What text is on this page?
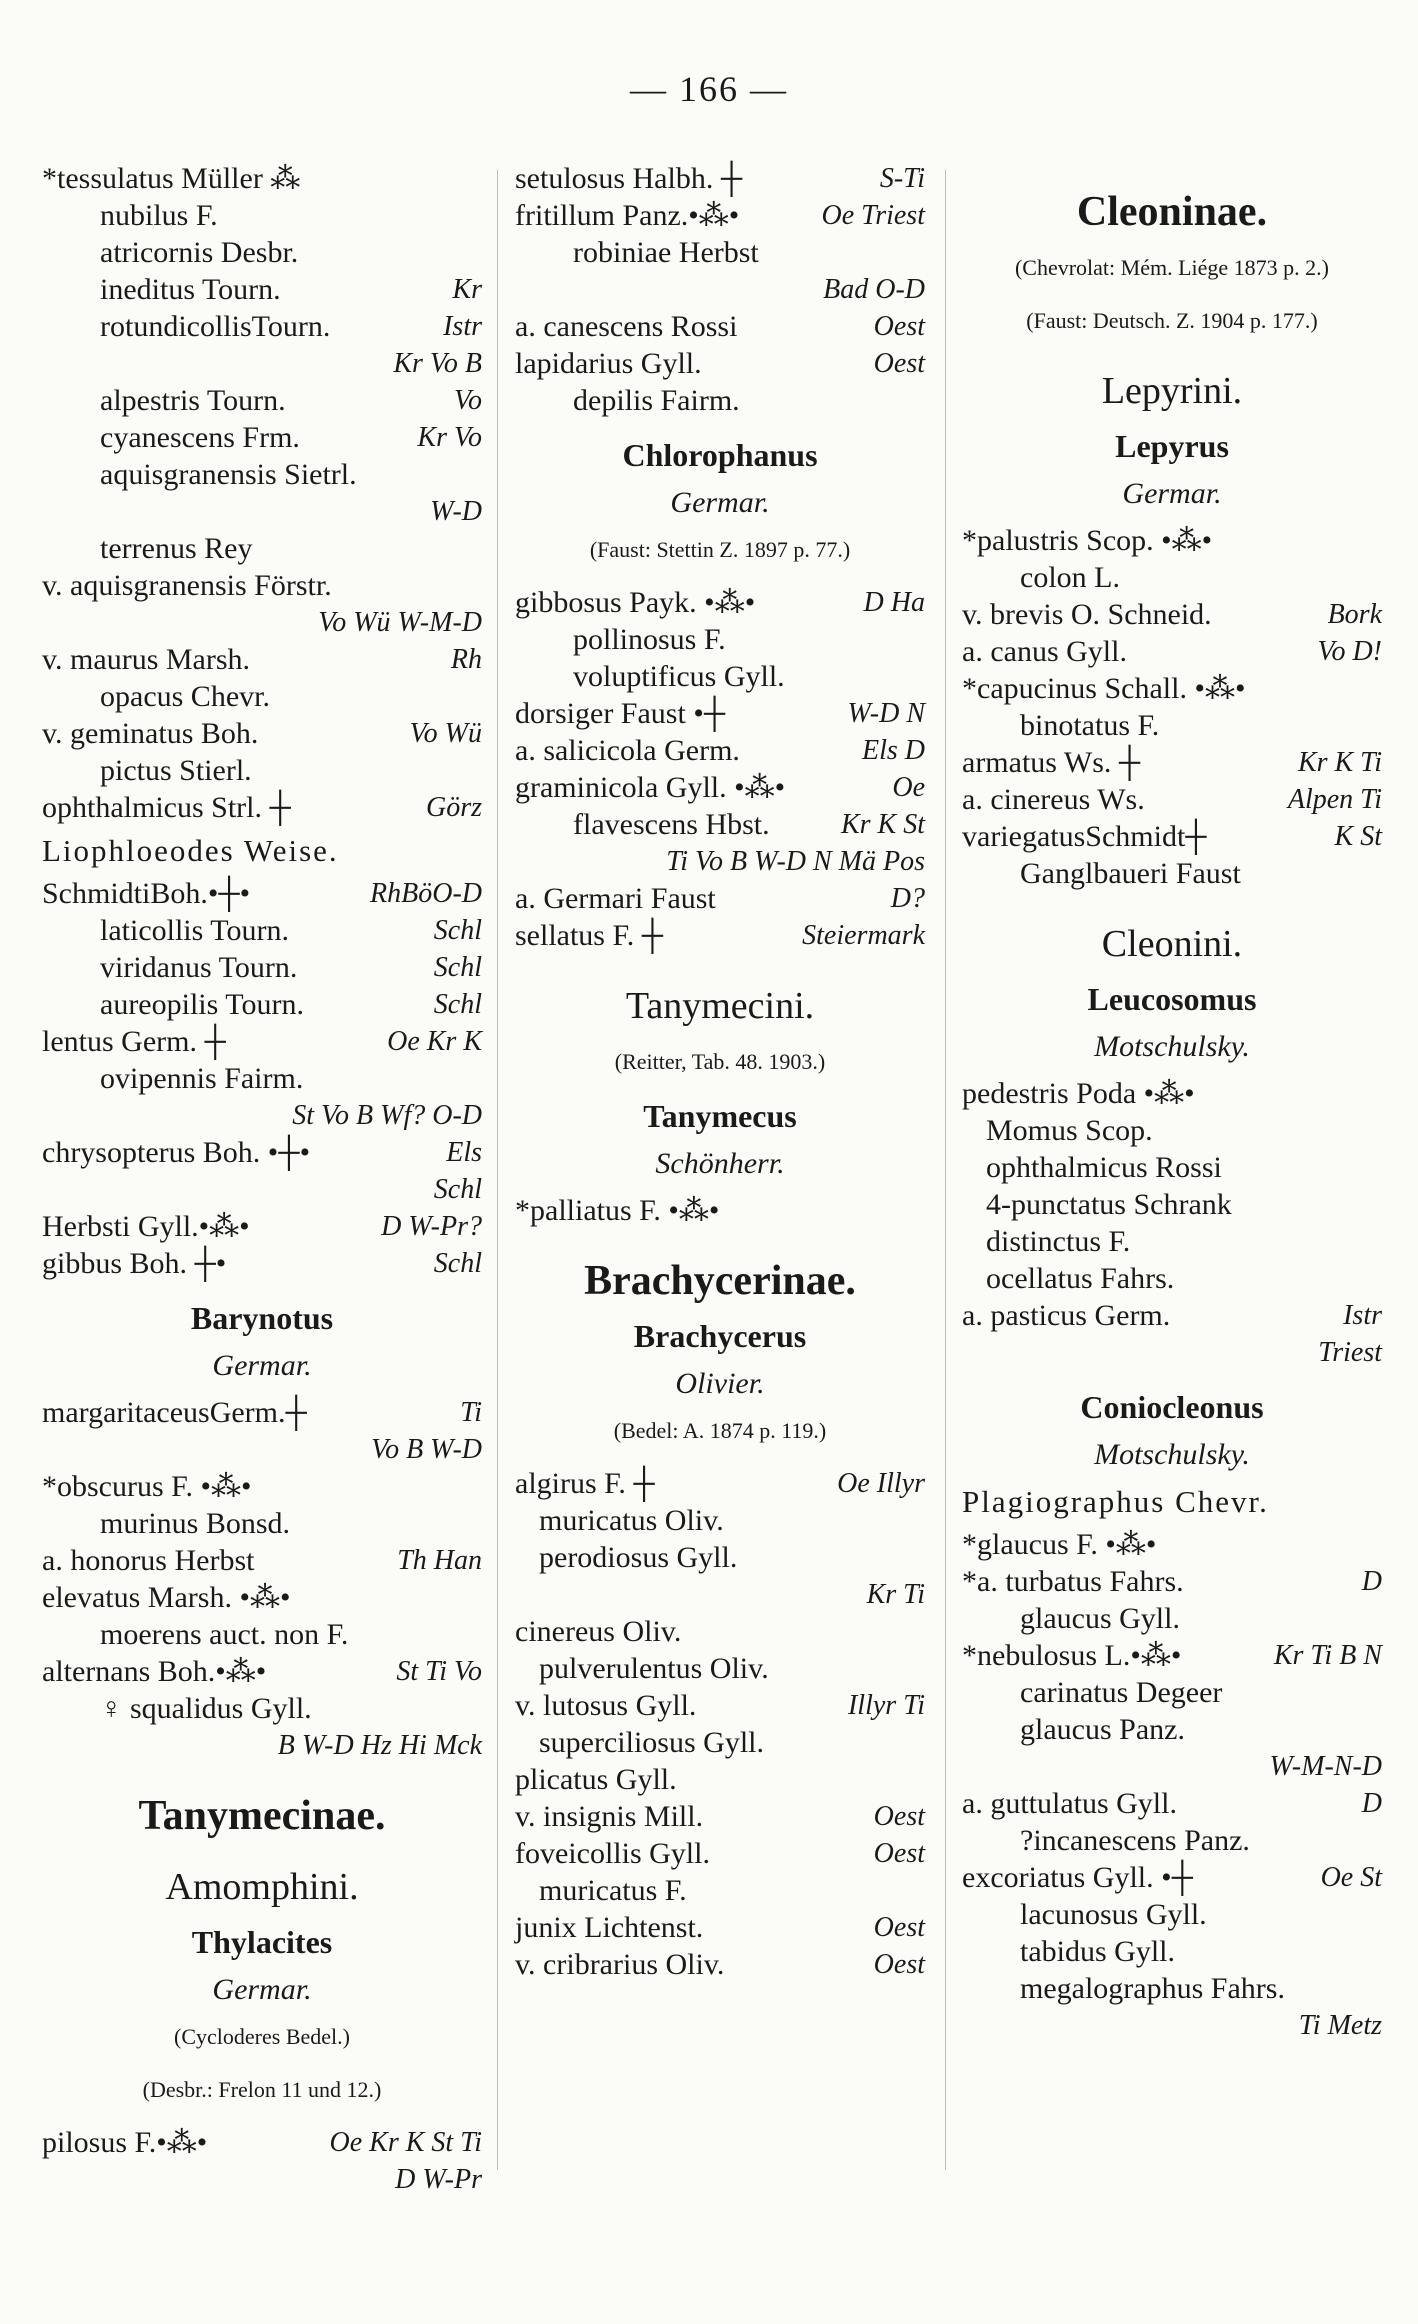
— 166 —
*tessulatus Müller ⁂
nubilus F.
atricornis Desbr.
ineditus Tourn.	Kr
rotundicollisTourn.	Istr
Kr Vo B
alpestris Tourn.	Vo
cyanescens Frm.	Kr Vo
aquisgranensis Sietrl.
W-D
terrenus Rey
v. aquisgranensis Förstr.
Vo Wü W-M-D
v. maurus Marsh.	Rh
opacus Chevr.
v. geminatus Boh.	Vo Wü
pictus Stierl.
ophthalmicus Strl. ┼	Görz
Liophloeodes Weise.
SchmidtiBoh.•┼•	RhBöO-D
laticollis Tourn.	Schl
viridanus Tourn.	Schl
aureopilis Tourn.	Schl
lentus Germ. ┼	Oe Kr K
ovipennis Fairm.
St Vo B Wf? O-D
chrysopterus Boh. •┼•	Els
Schl
Herbsti Gyll.•⁂•	D W-Pr?
gibbus Boh. ┼•	Schl
Barynotus
Germar.
margaritaceusGerm.┼	Ti
Vo B W-D
*obscurus F. •⁂•
murinus Bonsd.
a. honorus Herbst	Th Han
elevatus Marsh. •⁂•
moerens auct. non F.
alternans Boh.•⁂•	St Ti Vo
♀ squalidus Gyll.
B W-D Hz Hi Mck
Tanymecinae.
Amomphini.
Thylacites
Germar.
(Cycloderes Bedel.)
(Desbr.: Frelon 11 und 12.)
pilosus F.•⁂•	Oe Kr K St Ti
D W-Pr
setulosus Halbh. ┼	S-Ti
fritillum Panz.•⁂•	Oe Triest
robiniae Herbst
Bad O-D
a. canescens Rossi	Oest
lapidarius Gyll.	Oest
depilis Fairm.
Chlorophanus
Germar.
(Faust: Stettin Z. 1897 p. 77.)
gibbosus Payk. •⁂•	D Ha
pollinosus F.
voluptificus Gyll.
dorsiger Faust •┼	W-D N
a. salicicola Germ.	Els D
graminicola Gyll. •⁂•	Oe
flavescens Hbst.	Kr K St
Ti Vo B W-D N Mä Pos
a. Germari Faust	D?
sellatus F. ┼	Steiermark
Tanymecini.
(Reitter, Tab. 48. 1903.)
Tanymecus
Schönherr.
*palliatus F. •⁂•
Brachycerinae.
Brachycerus
Olivier.
(Bedel: A. 1874 p. 119.)
algirus F. ┼	Oe Illyr
muricatus Oliv.
perodiosus Gyll.
Kr Ti
cinereus Oliv.
pulverulentus Oliv.
v. lutosus Gyll.	Illyr Ti
superciliosus Gyll.
plicatus Gyll.
v. insignis Mill.	Oest
foveicollis Gyll.	Oest
muricatus F.
junix Lichtenst.	Oest
v. cribrarius Oliv.	Oest
Cleoninae.
(Chevrolat: Mém. Liége 1873 p. 2.)
(Faust: Deutsch. Z. 1904 p. 177.)
Lepyrini.
Lepyrus
Germar.
*palustris Scop. •⁂•
colon L.
v. brevis O. Schneid.	Bork
a. canus Gyll.	Vo D!
*capucinus Schall. •⁂•
binotatus F.
armatus Ws. ┼	Kr K Ti
a. cinereus Ws.	Alpen Ti
variegatusSchmidt┼	K St
Ganglbaueri Faust
Cleonini.
Leucosomus
Motschulsky.
pedestris Poda •⁂•
Momus Scop.
ophthalmicus Rossi
4-punctatus Schrank
distinctus F.
ocellatus Fahrs.
a. pasticus Germ.	Istr
Triest
Coniocleonus
Motschulsky.
Plagiographus Chevr.
*glaucus F. •⁂•
*a. turbatus Fahrs.	D
glaucus Gyll.
*nebulosus L.•⁂•	Kr Ti B N
carinatus Degeer
glaucus Panz.
W-M-N-D
a. guttulatus Gyll.	D
?incanescens Panz.
excoriatus Gyll. •┼	Oe St
lacunosus Gyll.
tabidus Gyll.
megalographus Fahrs.
Ti Metz
